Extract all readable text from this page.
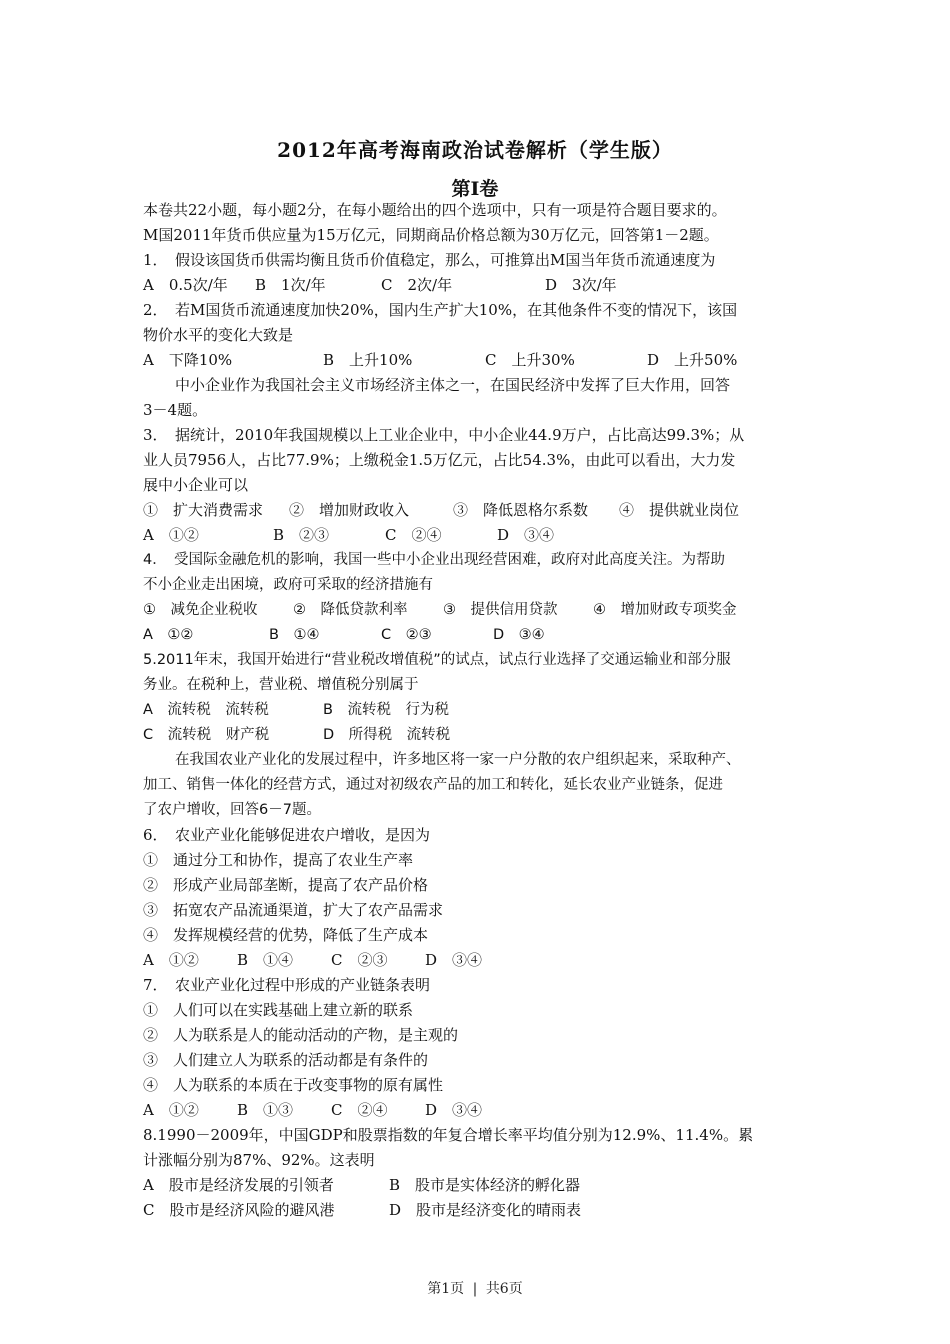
2012年高考海南政治试卷解析（学生版）
第I卷
本卷共22小题，每小题2分，在每小题给出的四个选项中，只有一项是符合题目要求的。
M国2011年货币供应量为15万亿元，同期商品价格总额为30万亿元，回答第1－2题。
1．　假设该国货币供需均衡且货币价值稳定，那么，可推算出M国当年货币流通速度为
A　0.5次/年 B　1次/年	C　2次/年	D　3次/年
2．　若M国货币流通速度加快20%，国内生产扩大10%，在其他条件不变的情况下，该国
物价水平的变化大致是
A　下降10%	B　上升10%	C　上升30%	D　上升50%
中小企业作为我国社会主义市场经济主体之一，在国民经济中发挥了巨大作用，回答
3－4题。
3．　据统计，2010年我国规模以上工业企业中，中小企业44.9万户，占比高达99.3%；从
业人员7956人，占比77.9%；上缴税金1.5万亿元，占比54.3%，由此可以看出，大力发
展中小企业可以
①　扩大消费需求 ②　增加财政收入	③　降低恩格尔系数 ④　提供就业岗位
A　①②	B　②③	C　②④	D　③④
4．　受国际金融危机的影响，我国一些中小企业出现经营困难，政府对此高度关注。为帮助
不小企业走出困境，政府可采取的经济措施有
①　减免企业税收 ②　降低贷款利率 ③　提供信用贷款 ④　增加财政专项奖金
A　①②	B　①④	C　②③	D　③④
5.2011年末，我国开始进行“营业税改增值税”的试点，试点行业选择了交通运输业和部分服
务业。在税种上，营业税、增值税分别属于
A　流转税　流转税	B　流转税　行为税
C　流转税　财产税	D　所得税　流转税
在我国农业产业化的发展过程中，许多地区将一家一户分散的农户组织起来，采取种产、
加工、销售一体化的经营方式，通过对初级农产品的加工和转化，延长农业产业链条，促进
了农户增收，回答6－7题。
6．　农业产业化能够促进农户增收，是因为
①　通过分工和协作，提高了农业生产率
②　形成产业局部垄断，提高了农产品价格
③　拓宽农产品流通渠道，扩大了农产品需求
④　发挥规模经营的优势，降低了生产成本
A　①②	B　①④	C　②③	D　③④
7．　农业产业化过程中形成的产业链条表明
①　人们可以在实践基础上建立新的联系
②　人为联系是人的能动活动的产物，是主观的
③　人们建立人为联系的活动都是有条件的
④　人为联系的本质在于改变事物的原有属性
A　①②	B　①③	C　②④	D　③④
8.1990－2009年，中国GDP和股票指数的年复合增长率平均值分别为12.9%、11.4%。累
计涨幅分别为87%、92%。这表明
A　股市是经济发展的引领者	B　股市是实体经济的孵化器
C　股市是经济风险的避风港	D　股市是经济变化的晴雨表
第1页 | 共6页
